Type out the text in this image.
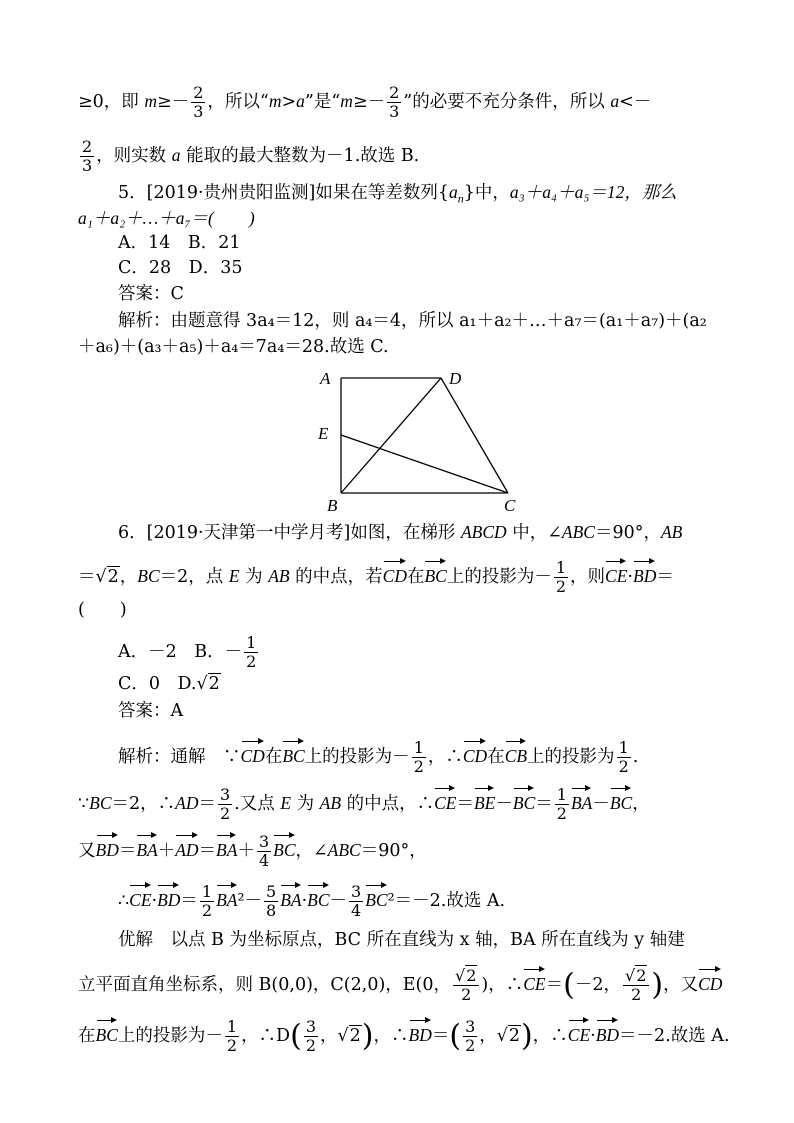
≥0，即 $m\ge- \frac{2}{3}$ ，所以“m>a”是“$m\ge- \frac{2}{3}$ ”的必要不充分条件，所以 a<－
$\frac{2}{3}$ ，则实数 a 能取的最大整数为－1.故选 B.
5．[2019·贵州贵阳监测]如果在等差数列$\{a_n\}$中，a₃＋a₄＋a₅＝12，那么
a₁＋a₂＋…＋a₇＝(　　)
A．14　B．21
C．28　D．35
答案：C
解析：由题意得 3a₄＝12，则 a₄＝4，所以 a₁＋a₂＋…＋a₇＝(a₁＋a₇)＋(a₂
＋a₆)＋(a₃＋a₅)＋a₄＝7a₄＝28.故选 C.
A	D
E
B	C
6．[2019·天津第一中学月考]如图，在梯形 ABCD 中，∠ABC＝90°，AB
＝√2，BC＝2，点 E 为 AB 的中点，若CD在BC上的投影为－ $\frac{1}{2}$ ，则CE·BD＝
(　　)
A．－2　B．－ $\frac{1}{2}$
C．0　D.√2
答案：A
解析：通解　∵CD在BC上的投影为－ $\frac{1}{2}$ ，∴CD在CB上的投影为 $\frac{1}{2}$ .
∵BC＝2，∴AD＝ $\frac{3}{2}$ .又点 E 为 AB 的中点，∴CE＝BE－BC＝ $\frac{1}{2} BA-BC$，
又$BD=BA+AD=BA+ \frac{3}{4}$ BC，∠ABC＝90°，
∴CE·BD＝ $\frac{1}{2} BA^2- \frac{5}{8} BA\cdot BC- \frac{3}{4} BC^2=-2$.故选 A.
优解　以点 B 为坐标原点，BC 所在直线为 x 轴，BA 所在直线为 y 轴建
立平面直角坐标系，则 B(0,0)，C(2,0)，E(0， $\frac{√2}{2}$ )，∴CE＝(－2， $\frac{√2}{2}$ )，又CD
在BC上的投影为－ $\frac{1}{2}$ ，∴D( $\frac{3}{2}$ ，√2)，∴BD＝( $\frac{3}{2}$ ，√2)，∴CE·BD＝－2.故选 A.
